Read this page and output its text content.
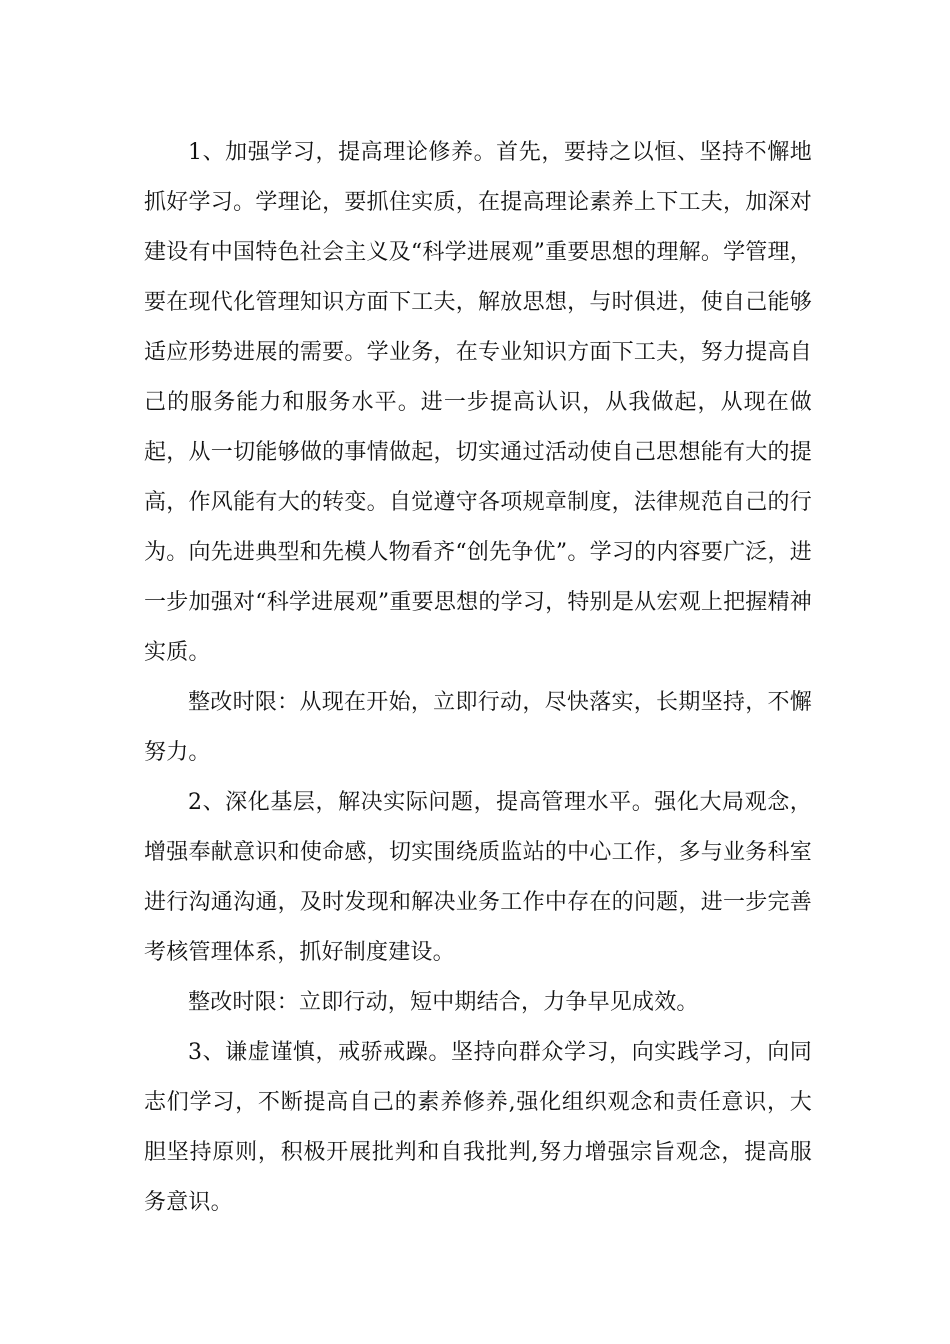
1、加强学习，提高理论修养。首先，要持之以恒、坚持不懈地抓好学习。学理论，要抓住实质，在提高理论素养上下工夫，加深对建设有中国特色社会主义及“科学进展观”重要思想的理解。学管理，要在现代化管理知识方面下工夫，解放思想，与时俱进，使自己能够适应形势进展的需要。学业务，在专业知识方面下工夫，努力提高自己的服务能力和服务水平。进一步提高认识，从我做起，从现在做起，从一切能够做的事情做起，切实通过活动使自己思想能有大的提高，作风能有大的转变。自觉遵守各项规章制度，法律规范自己的行为。向先进典型和先模人物看齐“创先争优”。学习的内容要广泛，进一步加强对“科学进展观”重要思想的学习，特别是从宏观上把握精神实质。

整改时限：从现在开始，立即行动，尽快落实，长期坚持，不懈努力。

2、深化基层，解决实际问题，提高管理水平。强化大局观念，增强奉献意识和使命感，切实围绕质监站的中心工作，多与业务科室进行沟通沟通，及时发现和解决业务工作中存在的问题，进一步完善考核管理体系，抓好制度建设。

整改时限：立即行动，短中期结合，力争早见成效。

3、谦虚谨慎，戒骄戒躁。坚持向群众学习，向实践学习，向同志们学习，不断提高自己的素养修养,强化组织观念和责任意识，大胆坚持原则，积极开展批判和自我批判,努力增强宗旨观念，提高服务意识。
